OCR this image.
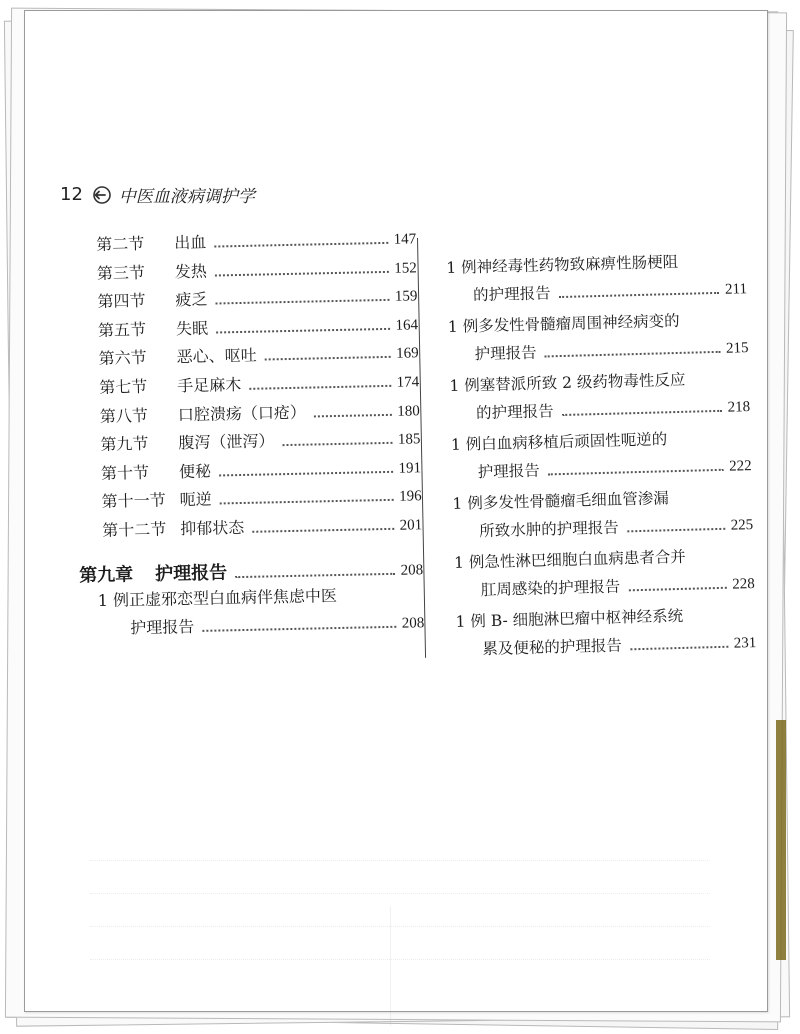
12 中医血液病调护学
第二节	出血	147
第三节	发热	152
第四节	疲乏	159
第五节	失眠	164
第六节	恶心、呕吐	169
第七节	手足麻木	174
第八节	口腔溃疡（口疮）	180
第九节	腹泻（泄泻）	185
第十节	便秘	191
第十一节 呃逆	196
第十二节 抑郁状态	201
第九章 护理报告	208
1 例正虚邪恋型白血病伴焦虑中医
护理报告	208
1 例神经毒性药物致麻痹性肠梗阻
的护理报告	211
1 例多发性骨髓瘤周围神经病变的
护理报告	215
1 例塞替派所致 2 级药物毒性反应
的护理报告	218
1 例白血病移植后顽固性呃逆的
护理报告	222
1 例多发性骨髓瘤毛细血管渗漏
所致水肿的护理报告	225
1 例急性淋巴细胞白血病患者合并
肛周感染的护理报告	228
1 例 B- 细胞淋巴瘤中枢神经系统
累及便秘的护理报告	231
